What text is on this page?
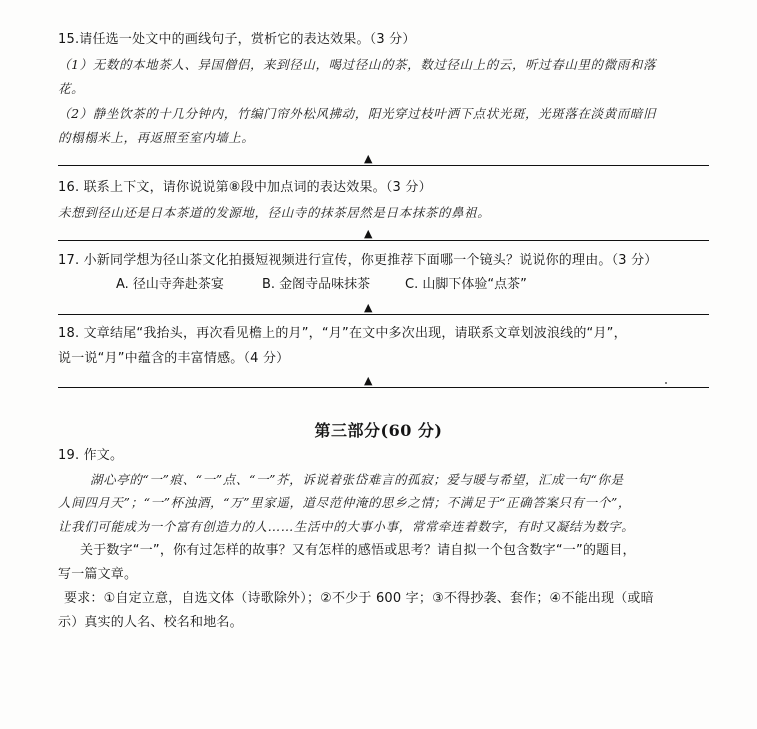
15.请任选一处文中的画线句子，赏析它的表达效果。（3 分）
（1）无数的本地茶人、异国僧侣，来到径山，喝过径山的茶，数过径山上的云，听过春山里的微雨和落
花。
（2）静坐饮茶的十几分钟内，竹编门帘外松风拂动，阳光穿过枝叶洒下点状光斑，光斑落在淡黄而暗旧
的榻榻米上，再返照至室内墙上。
▲
16. 联系上下文，请你说说第⑧段中加点词的表达效果。（3 分）
未想到径山还是日本茶道的发源地，径山寺的抹茶居然是日本抹茶的鼻祖。
▲
17. 小新同学想为径山茶文化拍摄短视频进行宣传，你更推荐下面哪一个镜头？说说你的理由。（3 分）
A. 径山寺奔赴茶宴	B. 金阁寺品味抹茶	C. 山脚下体验“点茶”
▲
18. 文章结尾“我抬头，再次看见檐上的月”，“月”在文中多次出现，请联系文章划波浪线的“月”，
说一说“月”中蕴含的丰富情感。（4 分）
▲
第三部分(60 分)
19. 作文。
湖心亭的“一”痕、“一”点、“一”芥，诉说着张岱难言的孤寂；爱与暖与希望，汇成一句“你是
人间四月天”；“一”杯浊酒，“万”里家遥，道尽范仲淹的思乡之情；不满足于“正确答案只有一个”，
让我们可能成为一个富有创造力的人……生活中的大事小事，常常牵连着数字，有时又凝结为数字。
关于数字“一”，你有过怎样的故事？又有怎样的感悟或思考？请自拟一个包含数字“一”的题目，
写一篇文章。
要求：①自定立意，自选文体（诗歌除外）；②不少于 600 字；③不得抄袭、套作；④不能出现（或暗
示）真实的人名、校名和地名。
